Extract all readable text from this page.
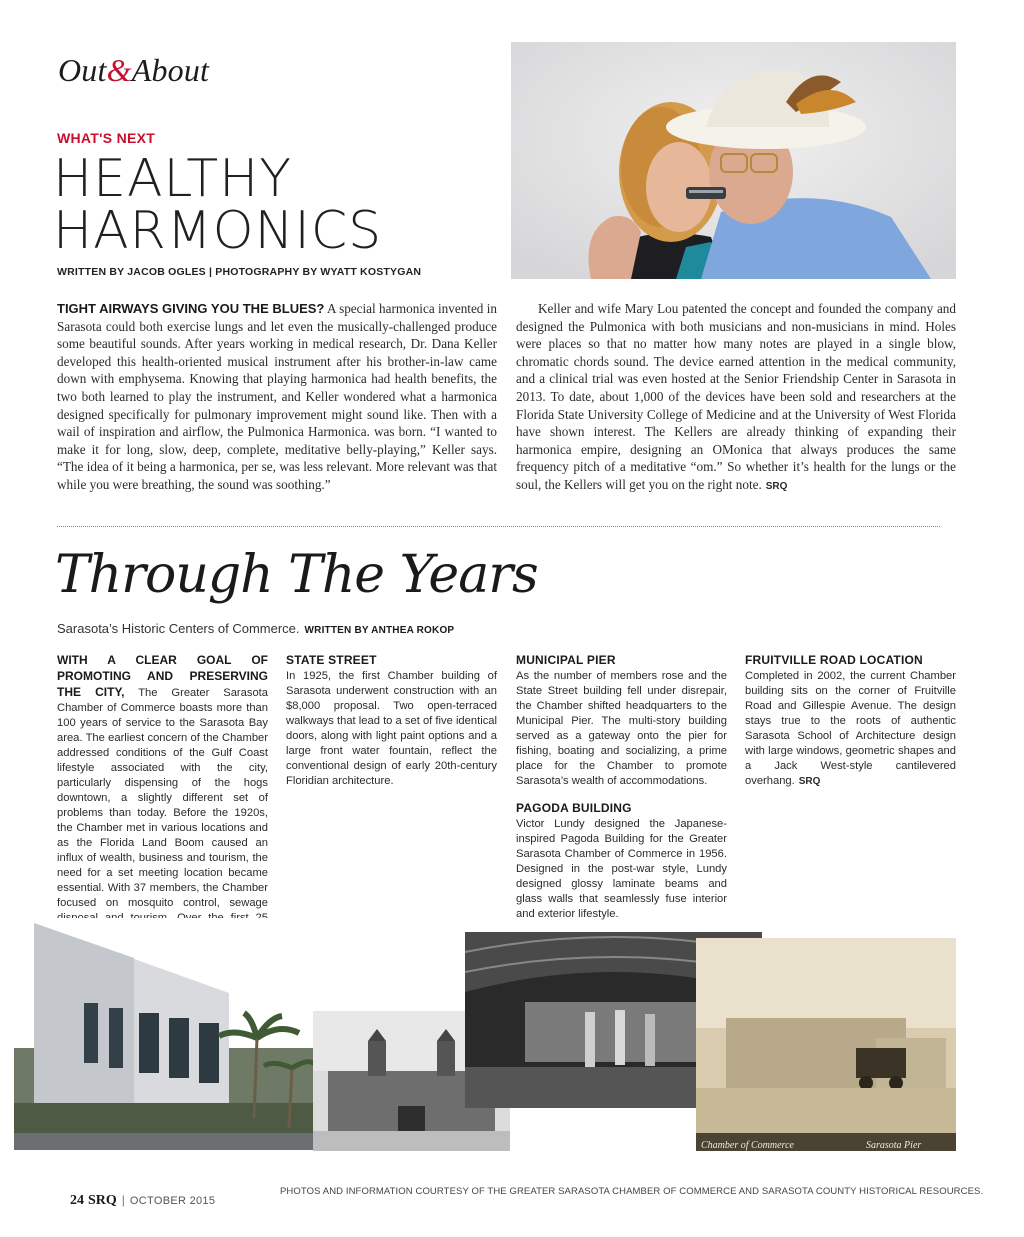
Out&About
WHAT'S NEXT
HEALTHY
HARMONICS
WRITTEN BY JACOB OGLES | PHOTOGRAPHY BY WYATT KOSTYGAN
TIGHT AIRWAYS GIVING YOU THE BLUES? A special harmonica invented in Sarasota could both exercise lungs and let even the musically-challenged produce some beautiful sounds. After years working in medical research, Dr. Dana Keller developed this health-oriented musical instrument after his brother-in-law came down with emphysema. Knowing that playing harmonica had health benefits, the two both learned to play the instrument, and Keller wondered what a harmonica designed specifically for pulmonary improvement might sound like. Then with a wail of inspiration and airflow, the Pulmonica Harmonica. was born. “I wanted to make it for long, slow, deep, complete, meditative belly-playing,” Keller says. “The idea of it being a harmonica, per se, was less relevant. More relevant was that while you were breathing, the sound was soothing.”
Keller and wife Mary Lou patented the concept and founded the company and designed the Pulmonica with both musicians and non-musicians in mind. Holes were places so that no matter how many notes are played in a single blow, chromatic chords sound. The device earned attention in the medical community, and a clinical trial was even hosted at the Senior Friendship Center in Sarasota in 2013. To date, about 1,000 of the devices have been sold and researchers at the Florida State University College of Medicine and at the University of West Florida have shown interest. The Kellers are already thinking of expanding their harmonica empire, designing an OMonica that always produces the same frequency pitch of a meditative “om.” So whether it’s health for the lungs or the soul, the Kellers will get you on the right note. SRQ
Through The Years
Sarasota’s Historic Centers of Commerce. WRITTEN BY ANTHEA ROKOP
WITH A CLEAR GOAL OF PROMOTING AND PRESERVING THE CITY, The Greater Sarasota Chamber of Commerce boasts more than 100 years of service to the Sarasota Bay area. The earliest concern of the Chamber addressed conditions of the Gulf Coast lifestyle associated with the city, particularly dispensing of the hogs downtown, a slightly different set of problems than today. Before the 1920s, the Chamber met in various locations and as the Florida Land Boom caused an influx of wealth, business and tourism, the need for a set meeting location became essential. With 37 members, the Chamber focused on mosquito control, sewage
STATE STREET
In 1925, the first Chamber building of Sarasota underwent construction with an $8,000 proposal. Two open-terraced walkways that lead to a set of five identical doors, along with light paint options and a large front water fountain, reflect the conventional design of early 20th-century Floridian architecture.
MUNICIPAL PIER
As the number of members rose and the State Street building fell under disrepair, the Chamber shifted headquarters to the Municipal Pier. The multi-story building served as a gateway onto the pier for fishing, boating and socializing, a prime place for the Chamber to promote Sarasota’s wealth of accommodations.
PAGODA BUILDING
Victor Lundy designed the Japanese-inspired Pagoda Building for the Greater Sarasota Chamber of Commerce in 1956. Designed in the post-war style, Lundy designed glossy laminate beams and glass walls that seamlessly fuse interior and exterior lifestyle.
FRUITVILLE ROAD LOCATION
Completed in 2002, the current Chamber building sits on the corner of Fruitville Road and Gillespie Avenue. The design stays true to the roots of authentic Sarasota School of Architecture design with large windows, geometric shapes and a Jack West-style cantilevered overhang. SRQ
Chamber of Commerce	Sarasota Pier
PHOTOS AND INFORMATION COURTESY OF THE GREATER SARASOTA CHAMBER OF COMMERCE AND SARASOTA COUNTY HISTORICAL RESOURCES.
24 SRQ | OCTOBER 2015
